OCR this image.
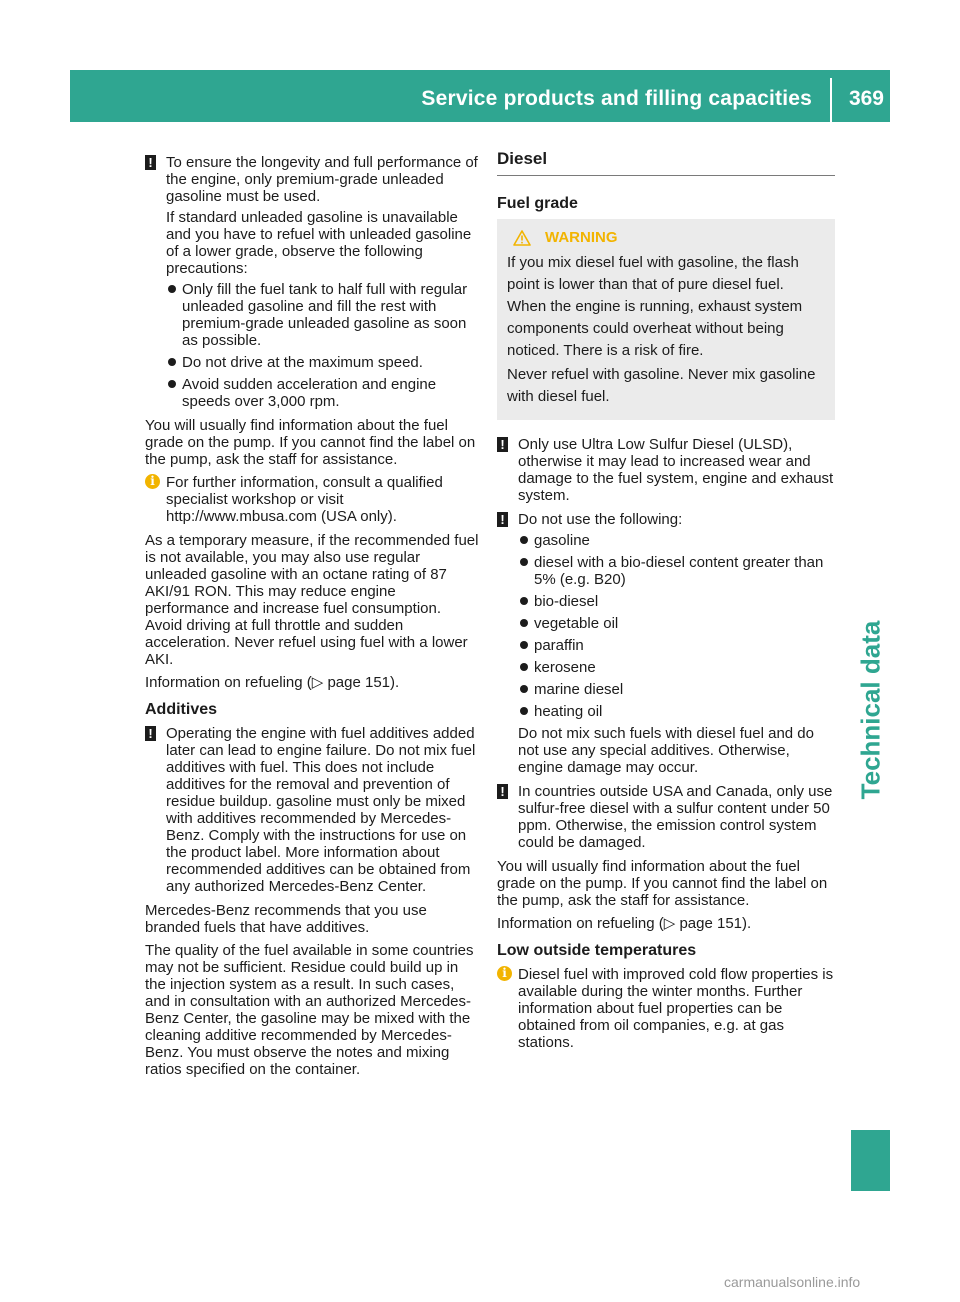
Service products and filling capacities 369
Technical data
! To ensure the longevity and full performance of the engine, only premium-grade unleaded gasoline must be used.

If standard unleaded gasoline is unavailable and you have to refuel with unleaded gasoline of a lower grade, observe the following precautions:

Only fill the fuel tank to half full with regular unleaded gasoline and fill the rest with premium-grade unleaded gasoline as soon as possible.
Do not drive at the maximum speed.
Avoid sudden acceleration and engine speeds over 3,000 rpm.

You will usually find information about the fuel grade on the pump. If you cannot find the label on the pump, ask the staff for assistance.

i For further information, consult a qualified specialist workshop or visit http://www.mbusa.com (USA only).

As a temporary measure, if the recommended fuel is not available, you may also use regular unleaded gasoline with an octane rating of 87 AKI/91 RON. This may reduce engine performance and increase fuel consumption. Avoid driving at full throttle and sudden acceleration. Never refuel using fuel with a lower AKI.

Information on refueling (▷ page 151).

Additives
! Operating the engine with fuel additives added later can lead to engine failure. Do not mix fuel additives with fuel. This does not include additives for the removal and prevention of residue buildup. gasoline must only be mixed with additives recommended by Mercedes-Benz. Comply with the instructions for use on the product label. More information about recommended additives can be obtained from any authorized Mercedes-Benz Center.

Mercedes-Benz recommends that you use branded fuels that have additives.

The quality of the fuel available in some countries may not be sufficient. Residue could build up in the injection system as a result. In such cases, and in consultation with an authorized Mercedes-Benz Center, the gasoline may be mixed with the cleaning additive recommended by Mercedes-Benz. You must observe the notes and mixing ratios specified on the container.

Diesel
Fuel grade
WARNING

If you mix diesel fuel with gasoline, the flash point is lower than that of pure diesel fuel. When the engine is running, exhaust system components could overheat without being noticed. There is a risk of fire.

Never refuel with gasoline. Never mix gasoline with diesel fuel.

! Only use Ultra Low Sulfur Diesel (ULSD), otherwise it may lead to increased wear and damage to the fuel system, engine and exhaust system.

! Do not use the following:

gasoline
diesel with a bio-diesel content greater than 5% (e.g. B20)
bio-diesel
vegetable oil
paraffin
kerosene
marine diesel
heating oil

Do not mix such fuels with diesel fuel and do not use any special additives. Otherwise, engine damage may occur.

! In countries outside USA and Canada, only use sulfur-free diesel with a sulfur content under 50 ppm. Otherwise, the emission control system could be damaged.

You will usually find information about the fuel grade on the pump. If you cannot find the label on the pump, ask the staff for assistance.

Information on refueling (▷ page 151).

Low outside temperatures
i Diesel fuel with improved cold flow properties is available during the winter months. Further information about fuel properties can be obtained from oil companies, e.g. at gas stations.

carmanualsonline.info
